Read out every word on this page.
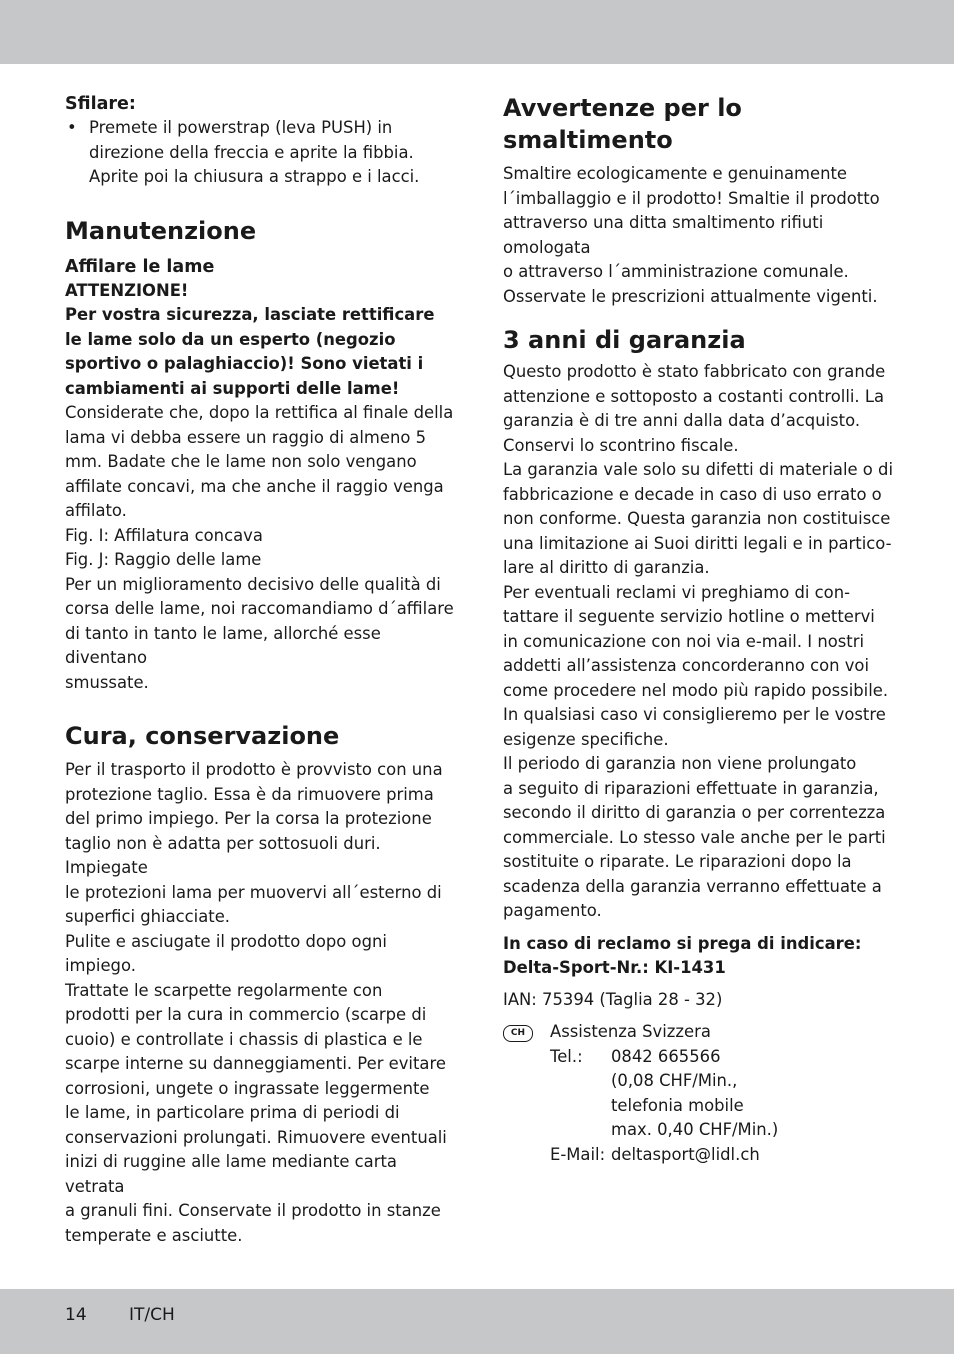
Sfilare:

• Premete il powerstrap (leva PUSH) in
direzione della freccia e aprite la fibbia.
Aprite poi la chiusura a strappo e i lacci.
Manutenzione

Affilare le lame

ATTENZIONE!

Per vostra sicurezza, lasciate rettificare

le lame solo da un esperto (negozio

sportivo o palaghiaccio)! Sono vietati i

cambiamenti ai supporti delle lame!

Considerate che, dopo la rettifica al finale della

lama vi debba essere un raggio di almeno 5

mm. Badate che le lame non solo vengano

affilate concavi, ma che anche il raggio venga

affilato.

Fig. I: Affilatura concava

Fig. J: Raggio delle lame

Per un miglioramento decisivo delle qualità di

corsa delle lame, noi raccomandiamo d´affilare

di tanto in tanto le lame, allorché esse diventano

smussate.

Cura, conservazione

Per il trasporto il prodotto è provvisto con una

protezione taglio. Essa è da rimuovere prima

del primo impiego. Per la corsa la protezione

taglio non è adatta per sottosuoli duri. Impiegate

le protezioni lama per muovervi all´esterno di

superfici ghiacciate.

Pulite e asciugate il prodotto dopo ogni impiego.

Trattate le scarpette regolarmente con

prodotti per la cura in commercio (scarpe di

cuoio) e controllate i chassis di plastica e le

scarpe interne su danneggiamenti. Per evitare

corrosioni, ungete o ingrassate leggermente

le lame, in particolare prima di periodi di

conservazioni prolungati. Rimuovere eventuali

inizi di ruggine alle lame mediante carta vetrata

a granuli fini. Conservate il prodotto in stanze

temperate e asciutte.

Avvertenze per lo
smaltimento

Smaltire ecologicamente e genuinamente

l´imballaggio e il prodotto! Smaltie il prodotto

attraverso una ditta smaltimento rifiuti omologata

o attraverso l´amministrazione comunale.

Osservate le prescrizioni attualmente vigenti.

3 anni di garanzia

Questo prodotto è stato fabbricato con grande

attenzione e sottoposto a costanti controlli. La

garanzia è di tre anni dalla data d’acquisto.

Conservi lo scontrino fiscale.

La garanzia vale solo su difetti di materiale o di

fabbricazione e decade in caso di uso errato o

non conforme. Questa garanzia non costituisce

una limitazione ai Suoi diritti legali e in partico-

lare al diritto di garanzia.

Per eventuali reclami vi preghiamo di con-

tattare il seguente servizio hotline o mettervi

in comunicazione con noi via e-mail. I nostri

addetti all’assistenza concorderanno con voi

come procedere nel modo più rapido possibile.

In qualsiasi caso vi consiglieremo per le vostre

esigenze specifiche.

Il periodo di garanzia non viene prolungato

a seguito di riparazioni effettuate in garanzia,

secondo il diritto di garanzia o per correntezza

commerciale. Lo stesso vale anche per le parti

sostituite o riparate. Le riparazioni dopo la

scadenza della garanzia verranno effettuate a

pagamento.

In caso di reclamo si prega di indicare:

Delta-Sport-Nr.: KI-1431

IAN: 75394 (Taglia 28 - 32)

CH	Assistenza Svizzera

Tel.:	0842 665566

(0,08 CHF/Min.,

telefonia mobile

max. 0,40 CHF/Min.)

E-Mail: deltasport@lidl.ch

14 IT/CH
